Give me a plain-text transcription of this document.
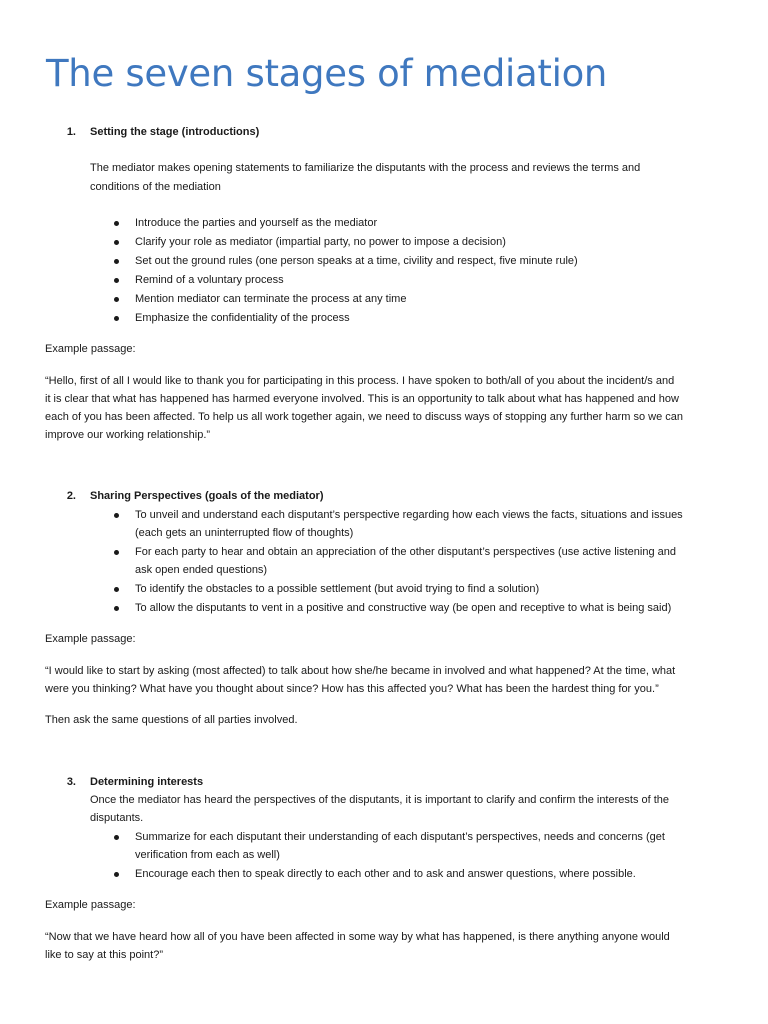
The seven stages of mediation
1. Setting the stage (introductions)
The mediator makes opening statements to familiarize the disputants with the process and reviews the terms and
conditions of the mediation
Introduce the parties and yourself as the mediator
Clarify your role as mediator (impartial party, no power to impose a decision)
Set out the ground rules (one person speaks at a time, civility and respect, five minute rule)
Remind of a voluntary process
Mention mediator can terminate the process at any time
Emphasize the confidentiality of the process
Example passage:
“Hello, first of all I would like to thank you for participating in this process. I have spoken to both/all of you about the incident/s and
it is clear that what has happened has harmed everyone involved. This is an opportunity to talk about what has happened and how
each of you has been affected. To help us all work together again, we need to discuss ways of stopping any further harm so we can
improve our working relationship.”
2. Sharing Perspectives (goals of the mediator)
To unveil and understand each disputant’s perspective regarding how each views the facts, situations and issues
(each gets an uninterrupted flow of thoughts)
For each party to hear and obtain an appreciation of the other disputant’s perspectives (use active listening and
ask open ended questions)
To identify the obstacles to a possible settlement (but avoid trying to find a solution)
To allow the disputants to vent in a positive and constructive way (be open and receptive to what is being said)
Example passage:
“I would like to start by asking (most affected) to talk about how she/he became in involved and what happened? At the time, what
were you thinking? What have you thought about since? How has this affected you? What has been the hardest thing for you.”
Then ask the same questions of all parties involved.
3. Determining interests
Once the mediator has heard the perspectives of the disputants, it is important to clarify and confirm the interests of the
disputants.
Summarize for each disputant their understanding of each disputant’s perspectives, needs and concerns (get
verification from each as well)
Encourage each then to speak directly to each other and to ask and answer questions, where possible.
Example passage:
“Now that we have heard how all of you have been affected in some way by what has happened, is there anything anyone would
like to say at this point?”
